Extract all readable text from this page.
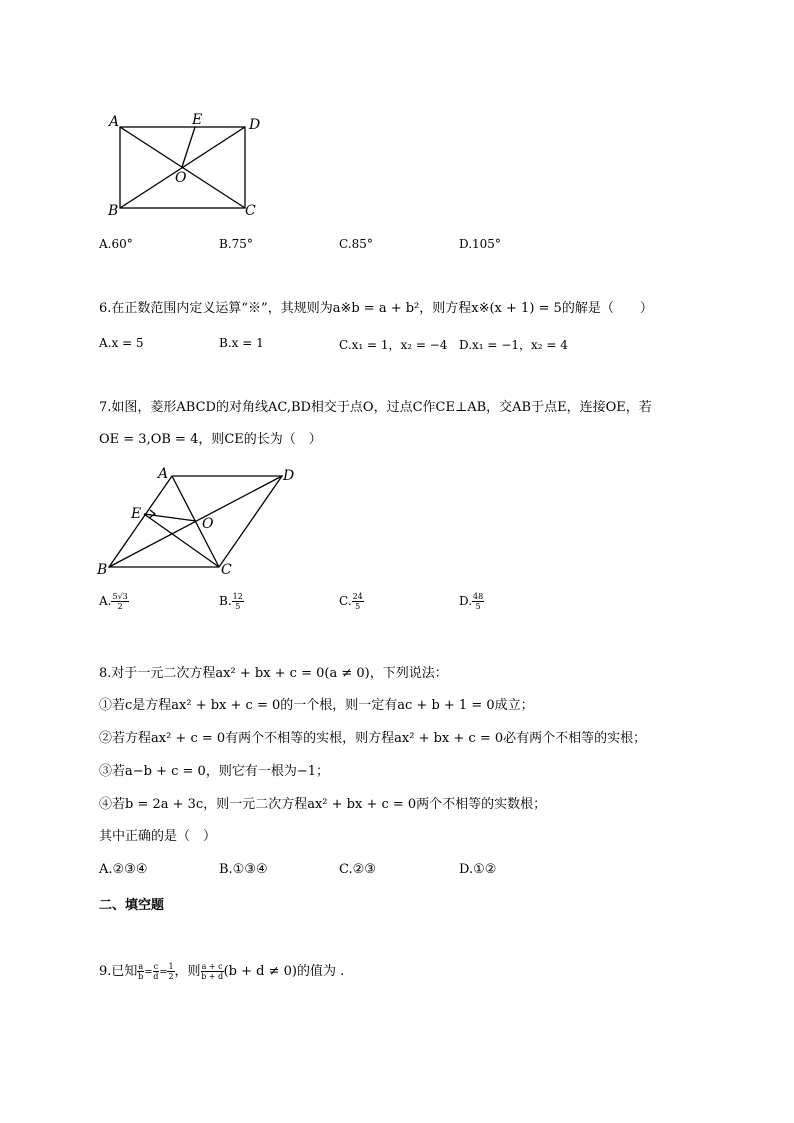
A	E	D
O
B	C
A.60°	B.75°	C.85°	D.105°
6.在正数范围内定义运算“※”，其规则为a※b = a + b²，则方程x※(x + 1) = 5的解是（　　）
A.x = 5	B.x = 1	C.x₁ = 1，x₂ = −4 D.x₁ = −1，x₂ = 4
7.如图，菱形ABCD的对角线AC,BD相交于点O，过点C作CE⊥AB，交AB于点E，连接OE，若
OE = 3,OB = 4，则CE的长为（　）
A	D
E
O
B	C
A. $\frac{5√3}{2}$	B. $\frac{12}{5}$	C. $\frac{24}{5}$	D. $\frac{48}{5}$
8.对于一元二次方程ax² + bx + c = 0(a ≠ 0)，下列说法：
①若c是方程ax² + bx + c = 0的一个根，则一定有ac + b + 1 = 0成立；
②若方程ax² + c = 0有两个不相等的实根，则方程ax² + bx + c = 0必有两个不相等的实根；
③若a−b + c = 0，则它有一根为−1；
④若b = 2a + 3c，则一元二次方程ax² + bx + c = 0两个不相等的实数根；
其中正确的是（　）
A.②③④	B.①③④	C.②③	D.①②
二、填空题
9.已知 $\frac{a}{b} = \frac{c}{d} = \frac{1}{2}$ ，则 $\frac{a + c}{b + d} (b + d \ne 0)$的值为 .
